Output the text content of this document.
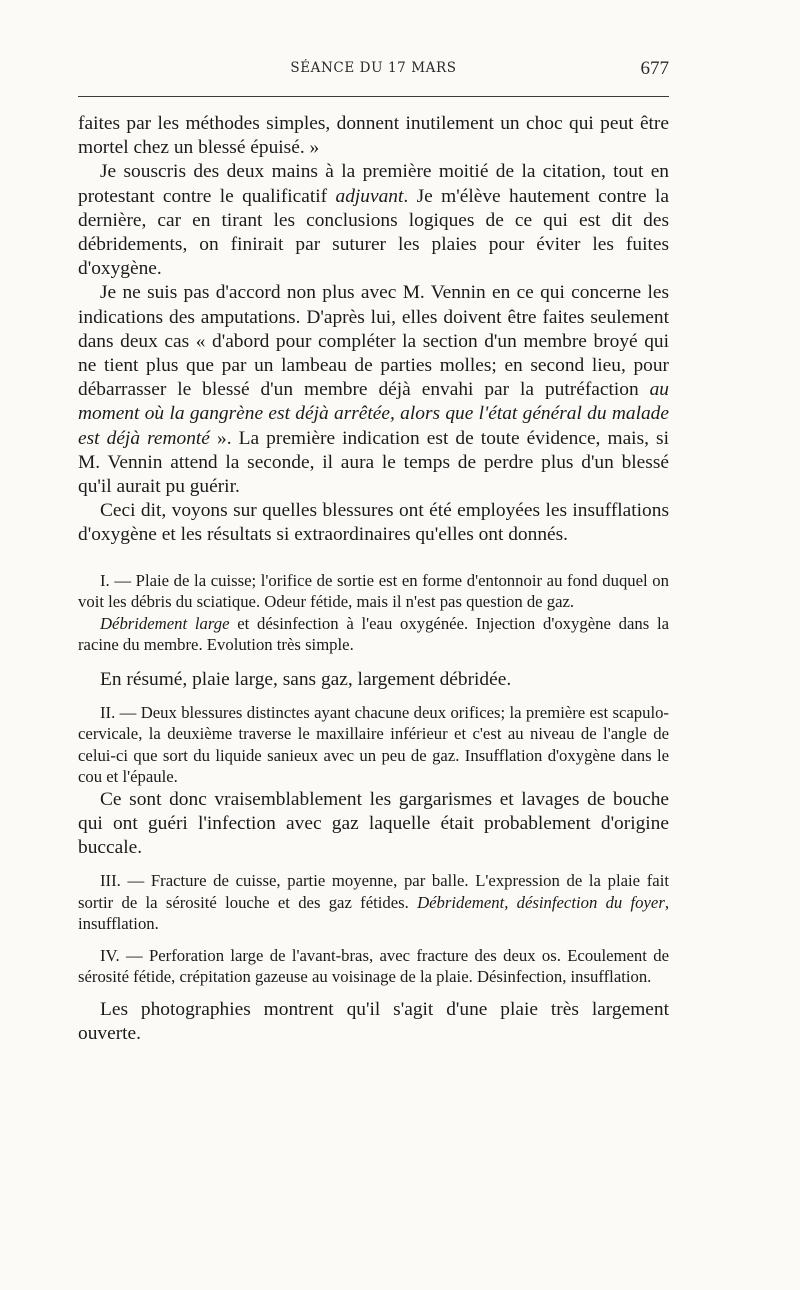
SÉANCE DU 17 MARS	677

faites par les méthodes simples, donnent inutilement un choc qui peut être mortel chez un blessé épuisé. »

Je souscris des deux mains à la première moitié de la citation, tout en protestant contre le qualificatif adjuvant. Je m'élève hautement contre la dernière, car en tirant les conclusions logiques de ce qui est dit des débridements, on finirait par suturer les plaies pour éviter les fuites d'oxygène.

Je ne suis pas d'accord non plus avec M. Vennin en ce qui concerne les indications des amputations. D'après lui, elles doivent être faites seulement dans deux cas « d'abord pour compléter la section d'un membre broyé qui ne tient plus que par un lambeau de parties molles; en second lieu, pour débarrasser le blessé d'un membre déjà envahi par la putréfaction au moment où la gangrène est déjà arrêtée, alors que l'état général du malade est déjà remonté ». La première indication est de toute évidence, mais, si M. Vennin attend la seconde, il aura le temps de perdre plus d'un blessé qu'il aurait pu guérir.

Ceci dit, voyons sur quelles blessures ont été employées les insufflations d'oxygène et les résultats si extraordinaires qu'elles ont donnés.

I. — Plaie de la cuisse; l'orifice de sortie est en forme d'entonnoir au fond duquel on voit les débris du sciatique. Odeur fétide, mais il n'est pas question de gaz.

Débridement large et désinfection à l'eau oxygénée. Injection d'oxygène dans la racine du membre. Evolution très simple.

En résumé, plaie large, sans gaz, largement débridée.

II. — Deux blessures distinctes ayant chacune deux orifices; la première est scapulo-cervicale, la deuxième traverse le maxillaire inférieur et c'est au niveau de l'angle de celui-ci que sort du liquide sanieux avec un peu de gaz. Insufflation d'oxygène dans le cou et l'épaule.

Ce sont donc vraisemblablement les gargarismes et lavages de bouche qui ont guéri l'infection avec gaz laquelle était probablement d'origine buccale.

III. — Fracture de cuisse, partie moyenne, par balle. L'expression de la plaie fait sortir de la sérosité louche et des gaz fétides. Débridement, désinfection du foyer, insufflation.

IV. — Perforation large de l'avant-bras, avec fracture des deux os. Ecoulement de sérosité fétide, crépitation gazeuse au voisinage de la plaie. Désinfection, insufflation.

Les photographies montrent qu'il s'agit d'une plaie très largement ouverte.
